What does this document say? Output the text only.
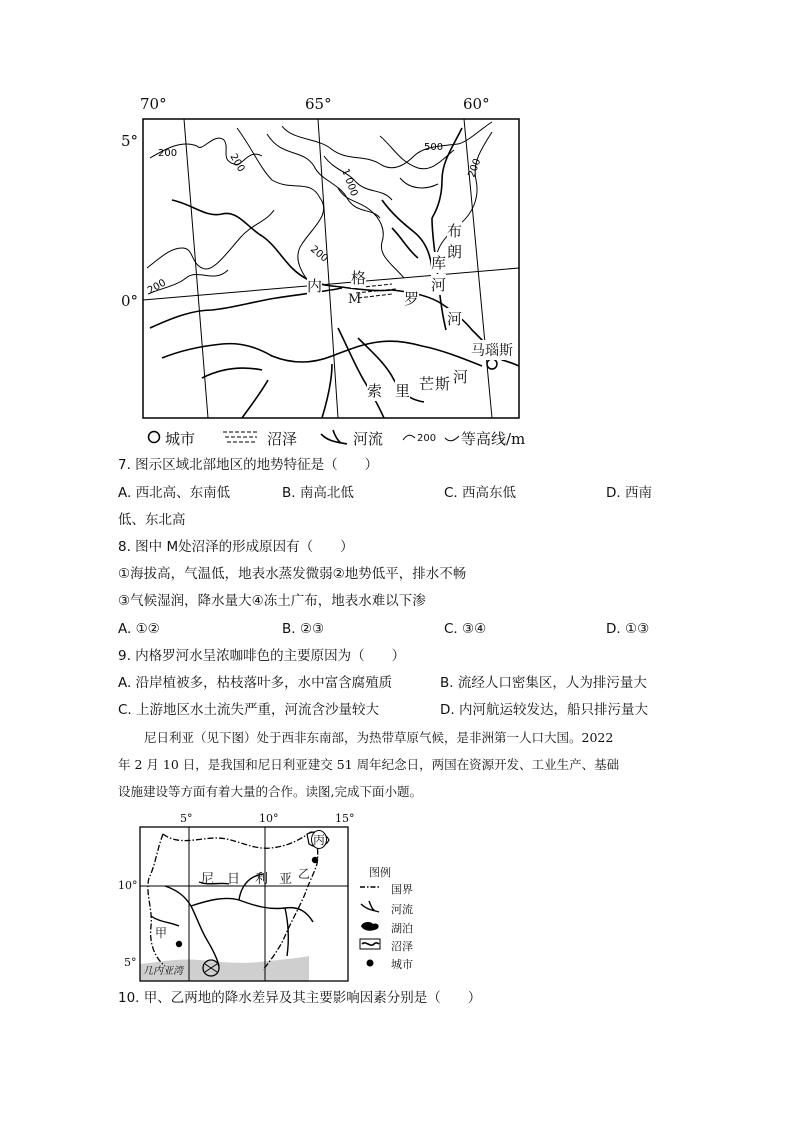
70°	65°	60°
5°
0°
200	200
500
1 000	200
200
200
布
朗
库
河
内 格
罗
河
索 里 芒 斯 河
M
马瑙斯
城市	沼泽	河流	200 等高线/m
7. 图示区域北部地区的地势特征是（　　）
A. 西北高、东南低	B. 南高北低	C. 西高东低	D. 西南
低、东北高
8. 图中 M处沼泽的形成原因有（　　）
①海拔高，气温低，地表水蒸发微弱②地势低平，排水不畅
③气候湿润，降水量大④冻土广布，地表水难以下渗
A. ①②	B. ②③	C. ③④	D. ①③
9. 内格罗河水呈浓咖啡色的主要原因为（　　）
A. 沿岸植被多，枯枝落叶多，水中富含腐殖质	B. 流经人口密集区，人为排污量大
C. 上游地区水土流失严重，河流含沙量较大	D. 内河航运较发达，船只排污量大
尼日利亚（见下图）处于西非东南部，为热带草原气候，是非洲第一人口大国。2022
年 2 月 10 日，是我国和尼日利亚建交 51 周年纪念日，两国在资源开发、工业生产、基础
设施建设等方面有着大量的合作。读图,完成下面小题。
5°	10°	15°
10°
5°
尼 日 利 亚
甲
乙
丙
几内亚湾
图例
国界
河流
湖泊
沼泽
城市
10. 甲、乙两地的降水差异及其主要影响因素分别是（　　）
